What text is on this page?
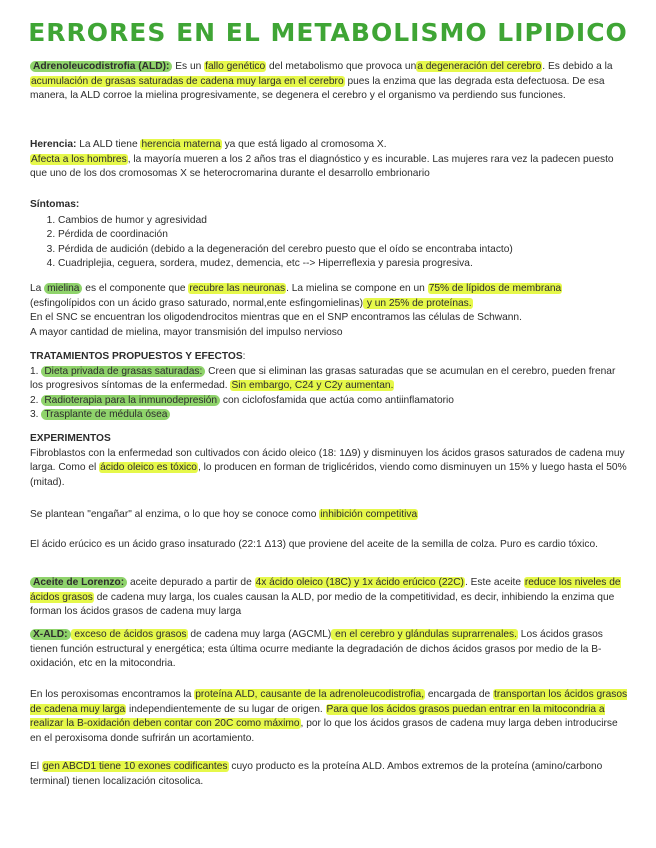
ERRORES EN EL METABOLISMO LIPIDICO

Adrenoleucodistrofia (ALD): Es un fallo genético del metabolismo que provoca una degeneración del cerebro. Es debido a la acumulación de grasas saturadas de cadena muy larga en el cerebro pues la enzima que las degrada esta defectuosa. De esa manera, la ALD corroe la mielina progresivamente, se degenera el cerebro y el organismo va perdiendo sus funciones.

Herencia: La ALD tiene herencia materna ya que está ligado al cromosoma X.
Afecta a los hombres, la mayoría mueren a los 2 años tras el diagnóstico y es incurable. Las mujeres rara vez la padecen puesto que uno de los dos cromosomas X se heterocromarina durante el desarrollo embrionario

Síntomas:
1. Cambios de humor y agresividad
2. Pérdida de coordinación
3. Pérdida de audición (debido a la degeneración del cerebro puesto que el oído se encontraba intacto)
4. Cuadriplejia, ceguera, sordera, mudez, demencia, etc --> Hiperreflexia y paresia progresiva.

La mielina es el componente que recubre las neuronas. La mielina se compone en un 75% de lípidos de membrana (esfingolípidos con un ácido graso saturado, normal,ente esfingomielinas) y un 25% de proteínas.
En el SNC se encuentran los oligodendrocitos mientras que en el SNP encontramos las células de Schwann.
A mayor cantidad de mielina, mayor transmisión del impulso nervioso

TRATAMIENTOS PROPUESTOS Y EFECTOS:
1. Dieta privada de grasas saturadas: Creen que si eliminan las grasas saturadas que se acumulan en el cerebro, pueden frenar los progresivos síntomas de la enfermedad. Sin embargo, C24 y C2y aumentan.
2. Radioterapia para la inmunodepresión con ciclofosfamida que actúa como antiinflamatorio
3. Trasplante de médula ósea
EXPERIMENTOS
Fibroblastos con la enfermedad son cultivados con ácido oleico (18: 1Δ9) y disminuyen los ácidos grasos saturados de cadena muy larga. Como el ácido oleico es tóxico, lo producen en forman de triglicéridos, viendo como disminuyen un 15% y luego hasta el 50% (mitad).

Se plantean "engañar" al enzima, o lo que hoy se conoce como inhibición competitiva

El ácido erúcico es un ácido graso insaturado (22:1 Δ13) que proviene del aceite de la semilla de colza. Puro es cardio tóxico.

Aceite de Lorenzo: aceite depurado a partir de 4x ácido oleico (18C) y 1x ácido erúcico (22C). Este aceite reduce los niveles de ácidos grasos de cadena muy larga, los cuales causan la ALD, por medio de la competitividad, es decir, inhibiendo la enzima que forman los ácidos grasos de cadena muy larga

X-ALD: exceso de ácidos grasos de cadena muy larga (AGCML) en el cerebro y glándulas suprarrenales. Los ácidos grasos tienen función estructural y energética; esta última ocurre mediante la degradación de dichos ácidos grasos por medio de la B-oxidación, etc en la mitocondria.

En los peroxisomas encontramos la proteína ALD, causante de la adrenoleucodistrofia, encargada de transportan los ácidos grasos de cadena muy larga independientemente de su lugar de origen. Para que los ácidos grasos puedan entrar en la mitocondria a realizar la B-oxidación deben contar con 20C como máximo, por lo que los ácidos grasos de cadena muy larga deben introducirse en el peroxisoma donde sufrirán un acortamiento.

El gen ABCD1 tiene 10 exones codificantes cuyo producto es la proteína ALD. Ambos extremos de la proteína (amino/carbono terminal) tienen localización citosolica.
